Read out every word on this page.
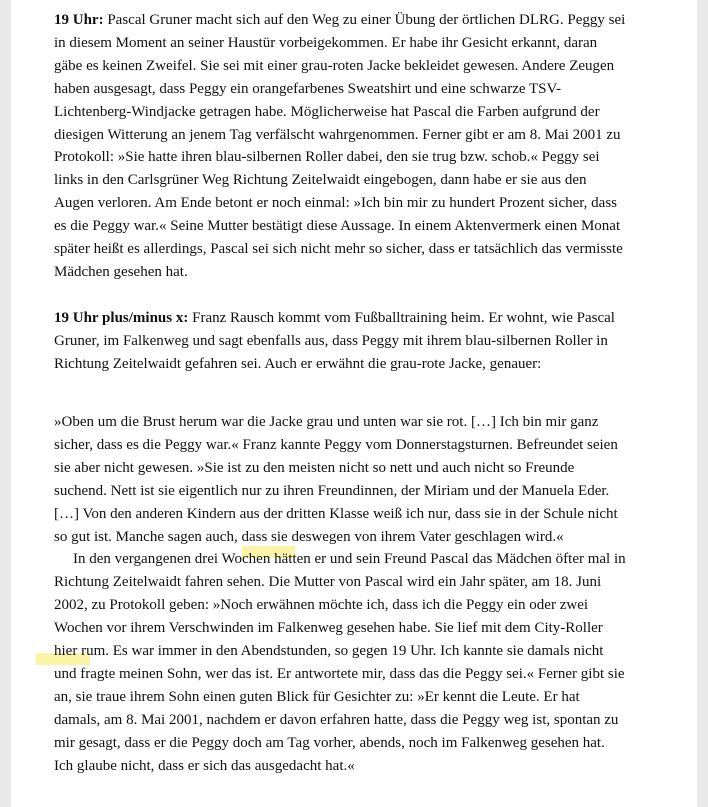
19 Uhr: Pascal Gruner macht sich auf den Weg zu einer Übung der örtlichen DLRG. Peggy sei in diesem Moment an seiner Haustür vorbeigekommen. Er habe ihr Gesicht erkannt, daran gäbe es keinen Zweifel. Sie sei mit einer grau-roten Jacke bekleidet gewesen. Andere Zeugen haben ausgesagt, dass Peggy ein orangefarbenes Sweatshirt und eine schwarze TSV-Lichtenberg-Windjacke getragen habe. Möglicherweise hat Pascal die Farben aufgrund der diesigen Witterung an jenem Tag verfälscht wahrgenommen. Ferner gibt er am 8. Mai 2001 zu Protokoll: »Sie hatte ihren blau-silbernen Roller dabei, den sie trug bzw. schob.« Peggy sei links in den Carlsgrüner Weg Richtung Zeitelwaidt eingebogen, dann habe er sie aus den Augen verloren. Am Ende betont er noch einmal: »Ich bin mir zu hundert Prozent sicher, dass es die Peggy war.« Seine Mutter bestätigt diese Aussage. In einem Aktenvermerk einen Monat später heißt es allerdings, Pascal sei sich nicht mehr so sicher, dass er tatsächlich das vermisste Mädchen gesehen hat.

19 Uhr plus/minus x: Franz Rausch kommt vom Fußballtraining heim. Er wohnt, wie Pascal Gruner, im Falkenweg und sagt ebenfalls aus, dass Peggy mit ihrem blau-silbernen Roller in Richtung Zeitelwaidt gefahren sei. Auch er erwähnt die grau-rote Jacke, genauer:

»Oben um die Brust herum war die Jacke grau und unten war sie rot. […] Ich bin mir ganz sicher, dass es die Peggy war.« Franz kannte Peggy vom Donnerstagsturnen. Befreundet seien sie aber nicht gewesen. »Sie ist zu den meisten nicht so nett und auch nicht so Freunde suchend. Nett ist sie eigentlich nur zu ihren Freundinnen, der Miriam und der Manuela Eder. […] Von den anderen Kindern aus der dritten Klasse weiß ich nur, dass sie in der Schule nicht so gut ist. Manche sagen auch, dass sie deswegen von ihrem Vater geschlagen wird.«

In den vergangenen drei Wochen hätten er und sein Freund Pascal das Mädchen öfter mal in Richtung Zeitelwaidt fahren sehen. Die Mutter von Pascal wird ein Jahr später, am 18. Juni 2002, zu Protokoll geben: »Noch erwähnen möchte ich, dass ich die Peggy ein oder zwei Wochen vor ihrem Verschwinden im Falkenweg gesehen habe. Sie lief mit dem City-Roller hier rum. Es war immer in den Abendstunden, so gegen 19 Uhr. Ich kannte sie damals nicht und fragte meinen Sohn, wer das ist. Er antwortete mir, dass das die Peggy sei.« Ferner gibt sie an, sie traue ihrem Sohn einen guten Blick für Gesichter zu: »Er kennt die Leute. Er hat damals, am 8. Mai 2001, nachdem er davon erfahren hatte, dass die Peggy weg ist, spontan zu mir gesagt, dass er die Peggy doch am Tag vorher, abends, noch im Falkenweg gesehen hat. Ich glaube nicht, dass er sich das ausgedacht hat.«
